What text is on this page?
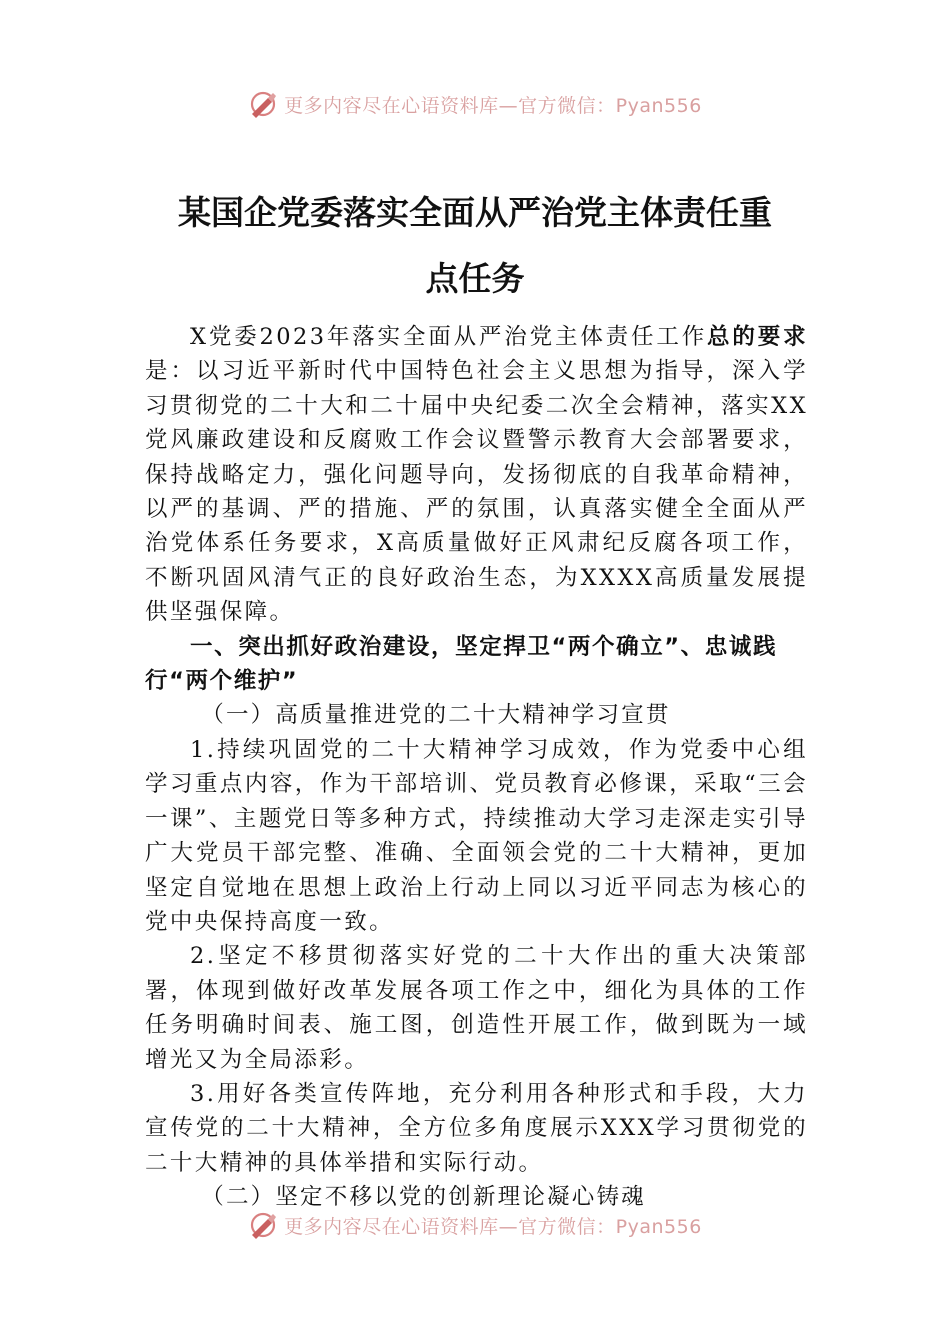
更多内容尽在心语资料库—官方微信：Pyan556
某国企党委落实全面从严治党主体责任重
点任务

X党委2023年落实全面从严治党主体责任工作总的要求是：以习近平新时代中国特色社会主义思想为指导，深入学习贯彻党的二十大和二十届中央纪委二次全会精神，落实XX党风廉政建设和反腐败工作会议暨警示教育大会部署要求，保持战略定力，强化问题导向，发扬彻底的自我革命精神，以严的基调、严的措施、严的氛围，认真落实健全全面从严治党体系任务要求，X高质量做好正风肃纪反腐各项工作，不断巩固风清气正的良好政治生态，为XXXX高质量发展提供坚强保障。

一、突出抓好政治建设，坚定捍卫“两个确立”、忠诚践行“两个维护”

（一）高质量推进党的二十大精神学习宣贯

1.持续巩固党的二十大精神学习成效，作为党委中心组学习重点内容，作为干部培训、党员教育必修课，采取“三会一课”、主题党日等多种方式，持续推动大学习走深走实引导广大党员干部完整、准确、全面领会党的二十大精神，更加坚定自觉地在思想上政治上行动上同以习近平同志为核心的党中央保持高度一致。

2.坚定不移贯彻落实好党的二十大作出的重大决策部署，体现到做好改革发展各项工作之中，细化为具体的工作任务明确时间表、施工图，创造性开展工作，做到既为一域增光又为全局添彩。

3.用好各类宣传阵地，充分利用各种形式和手段，大力宣传党的二十大精神，全方位多角度展示XXX学习贯彻党的二十大精神的具体举措和实际行动。

（二）坚定不移以党的创新理论凝心铸魂

更多内容尽在心语资料库—官方微信：Pyan556
